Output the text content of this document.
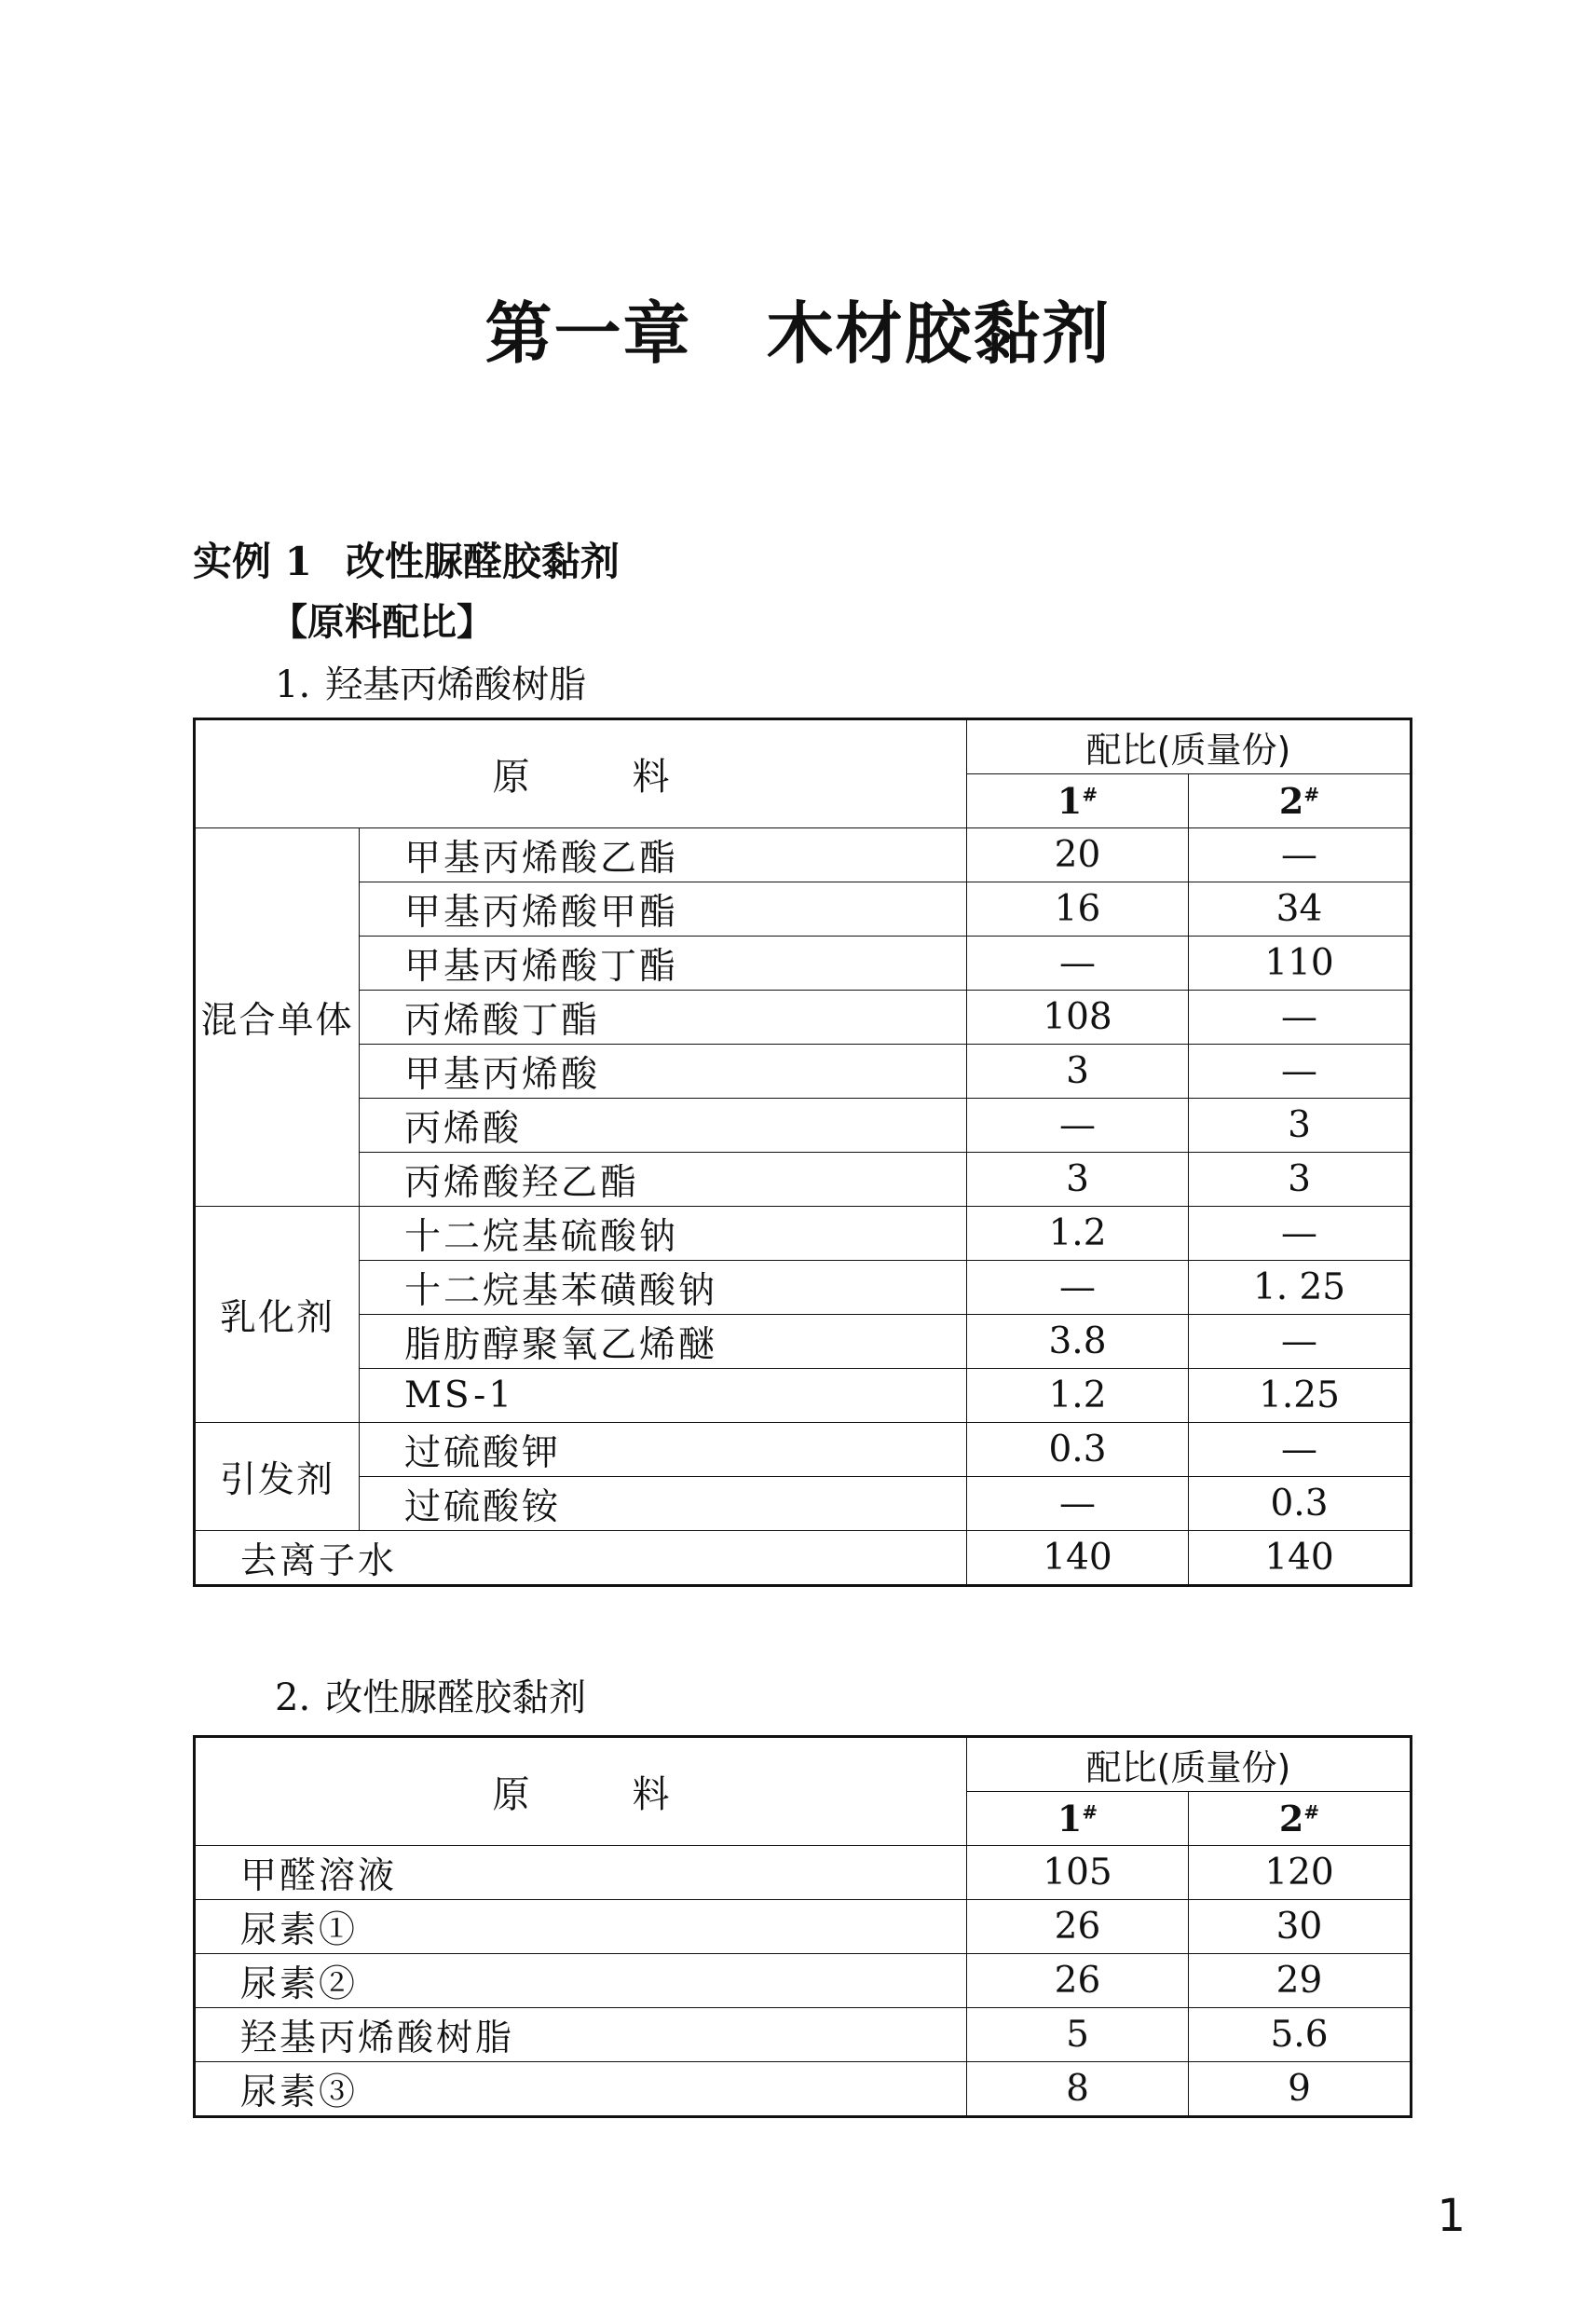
第一章 木材胶黏剂
实例 1 改性脲醛胶黏剂
【原料配比】
1. 羟基丙烯酸树脂
原 料		配比(质量份)	
		1#	2#
混合单体	甲基丙烯酸乙酯	20	—
	甲基丙烯酸甲酯	16	34
	甲基丙烯酸丁酯	—	110
	丙烯酸丁酯	108	—
	甲基丙烯酸	3	—
	丙烯酸	—	3
	丙烯酸羟乙酯	3	3
乳化剂	十二烷基硫酸钠	1.2	—
	十二烷基苯磺酸钠	—	1. 25
	脂肪醇聚氧乙烯醚	3.8	—
	MS-1	1.2	1.25
引发剂	过硫酸钾	0.3	—
	过硫酸铵	—	0.3
去离子水		140	140
2. 改性脲醛胶黏剂
原 料	配比(质量份)	
	1#	2#
甲醛溶液	105	120
尿素①	26	30
尿素②	26	29
羟基丙烯酸树脂	5	5.6
尿素③	8	9
1
